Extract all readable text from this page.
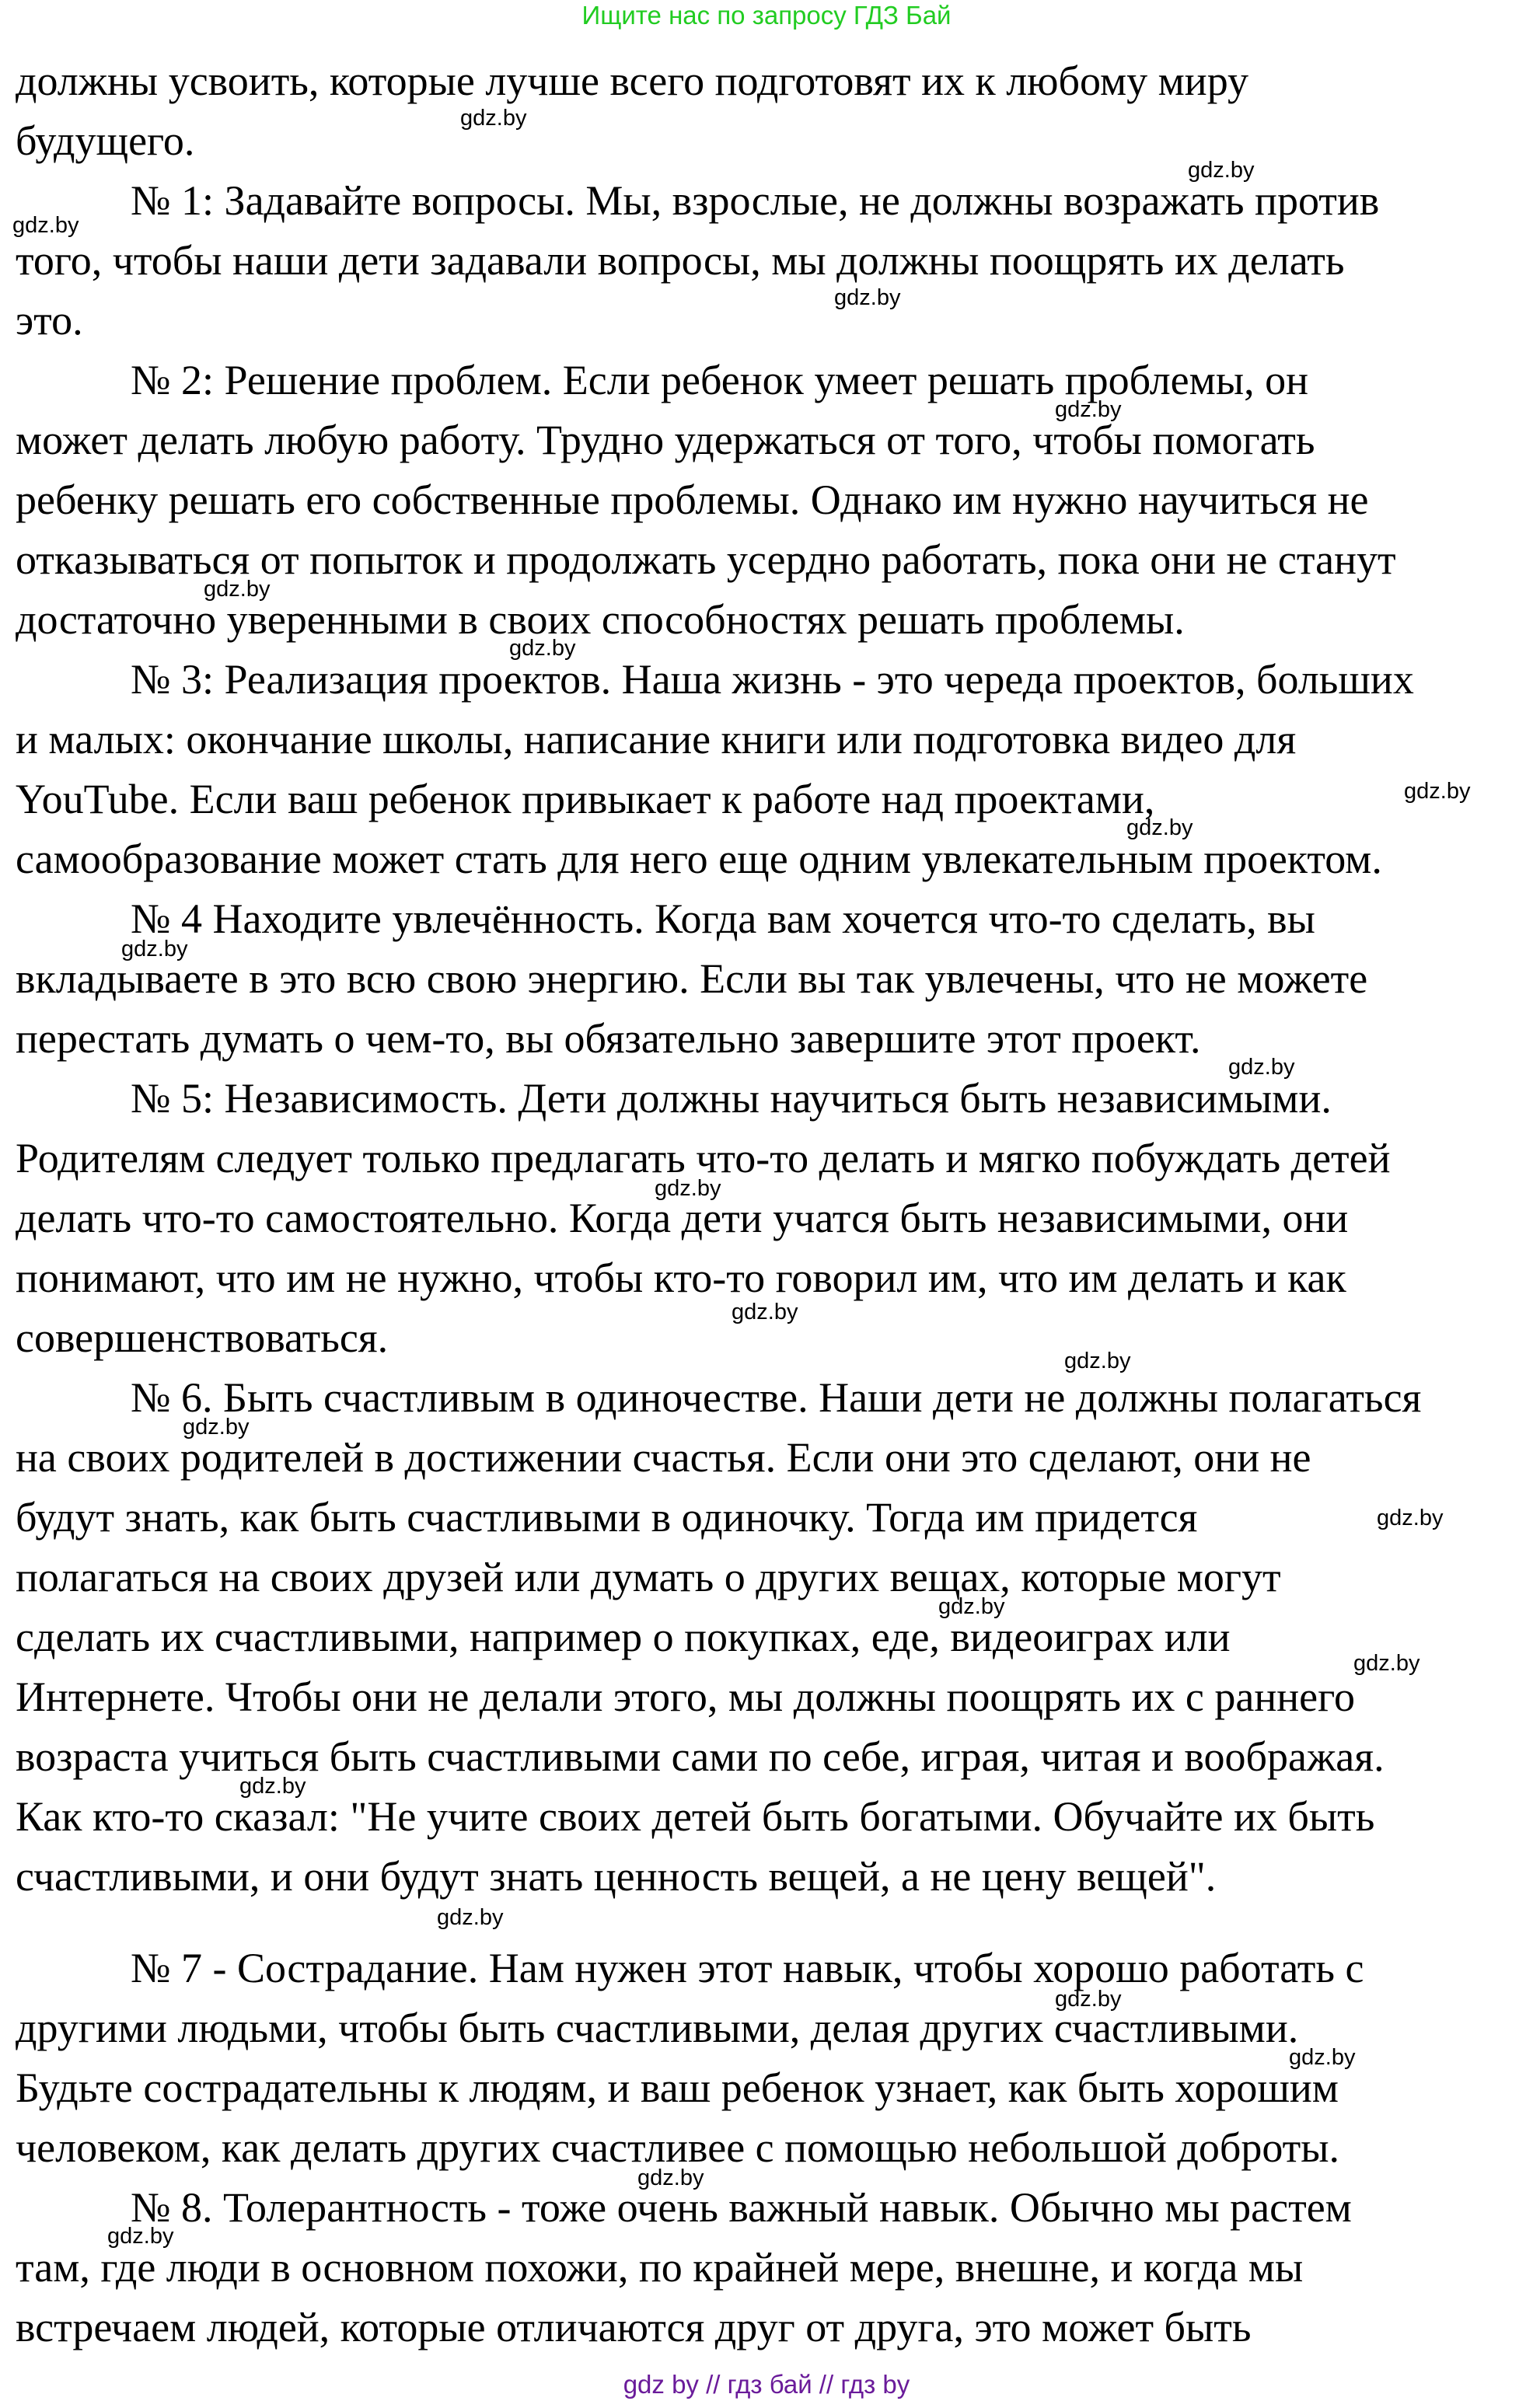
Ищите нас по запросу ГДЗ Бай
должны усвоить, которые лучше всего подготовят их к любому миру
будущего.
№ 1: Задавайте вопросы. Мы, взрослые, не должны возражать против
того, чтобы наши дети задавали вопросы, мы должны поощрять их делать
это.
№ 2: Решение проблем. Если ребенок умеет решать проблемы, он
может делать любую работу. Трудно удержаться от того, чтобы помогать
ребенку решать его собственные проблемы. Однако им нужно научиться не
отказываться от попыток и продолжать усердно работать, пока они не станут
достаточно уверенными в своих способностях решать проблемы.
№ 3: Реализация проектов. Наша жизнь - это череда проектов, больших
и малых: окончание школы, написание книги или подготовка видео для
YouTube. Если ваш ребенок привыкает к работе над проектами,
самообразование может стать для него еще одним увлекательным проектом.
№ 4 Находите увлечённость. Когда вам хочется что-то сделать, вы
вкладываете в это всю свою энергию. Если вы так увлечены, что не можете
перестать думать о чем-то, вы обязательно завершите этот проект.
№ 5: Независимость. Дети должны научиться быть независимыми.
Родителям следует только предлагать что-то делать и мягко побуждать детей
делать что-то самостоятельно. Когда дети учатся быть независимыми, они
понимают, что им не нужно, чтобы кто-то говорил им, что им делать и как
совершенствоваться.
№ 6. Быть счастливым в одиночестве. Наши дети не должны полагаться
на своих родителей в достижении счастья. Если они это сделают, они не
будут знать, как быть счастливыми в одиночку. Тогда им придется
полагаться на своих друзей или думать о других вещах, которые могут
сделать их счастливыми, например о покупках, еде, видеоиграх или
Интернете. Чтобы они не делали этого, мы должны поощрять их с раннего
возраста учиться быть счастливыми сами по себе, играя, читая и воображая.
Как кто-то сказал: "Не учите своих детей быть богатыми. Обучайте их быть
счастливыми, и они будут знать ценность вещей, а не цену вещей".
№ 7 - Сострадание. Нам нужен этот навык, чтобы хорошо работать с
другими людьми, чтобы быть счастливыми, делая других счастливыми.
Будьте сострадательны к людям, и ваш ребенок узнает, как быть хорошим
человеком, как делать других счастливее с помощью небольшой доброты.
№ 8. Толерантность - тоже очень важный навык. Обычно мы растем
там, где люди в основном похожи, по крайней мере, внешне, и когда мы
встречаем людей, которые отличаются друг от друга, это может быть
gdz.by
gdz.by
gdz.by
gdz.by
gdz.by
gdz.by
gdz.by
gdz.by
gdz.by
gdz.by
gdz.by
gdz.by
gdz.by
gdz.by
gdz.by
gdz.by
gdz.by
gdz.by
gdz.by
gdz.by
gdz.by
gdz.by
gdz.by
gdz.by
gdz by // гдз бай // гдз by
